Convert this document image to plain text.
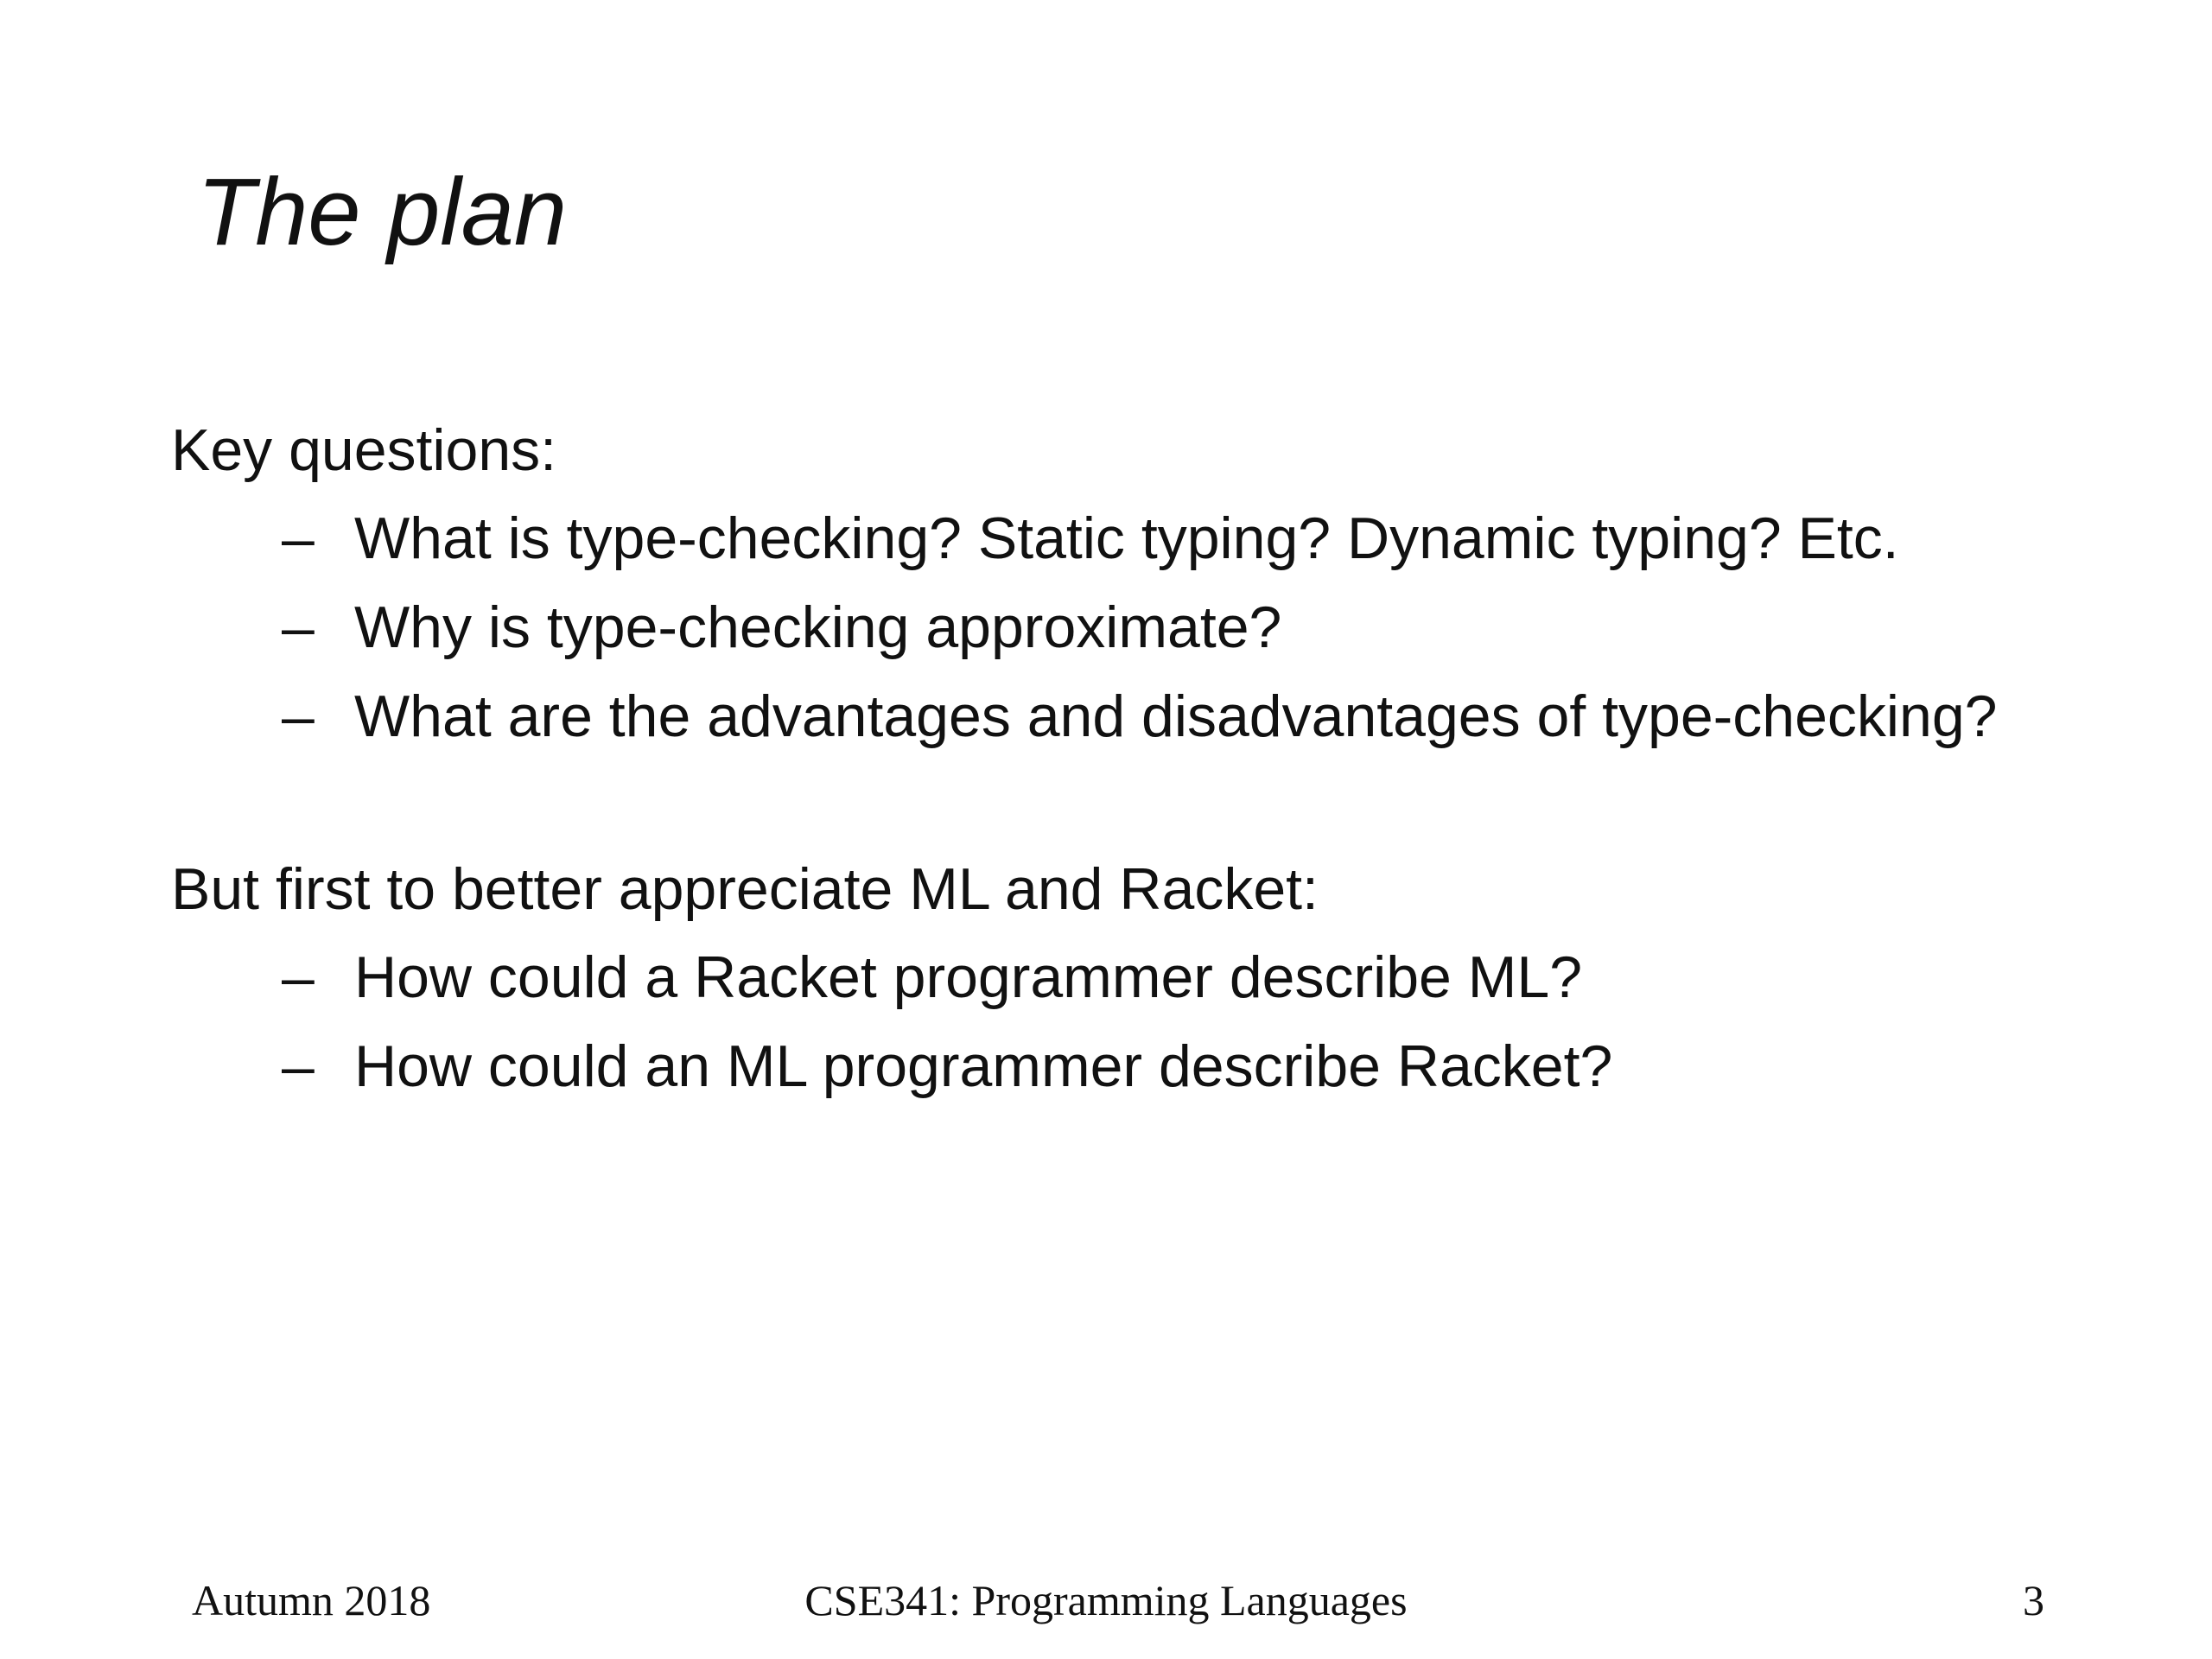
The plan

Key questions:

– What is type-checking? Static typing? Dynamic typing? Etc.
– Why is type-checking approximate?
– What are the advantages and disadvantages of type-checking?

But first to better appreciate ML and Racket:

– How could a Racket programmer describe ML?
– How could an ML programmer describe Racket?
CSE341: Programming Languages
Autumn 2018	3
